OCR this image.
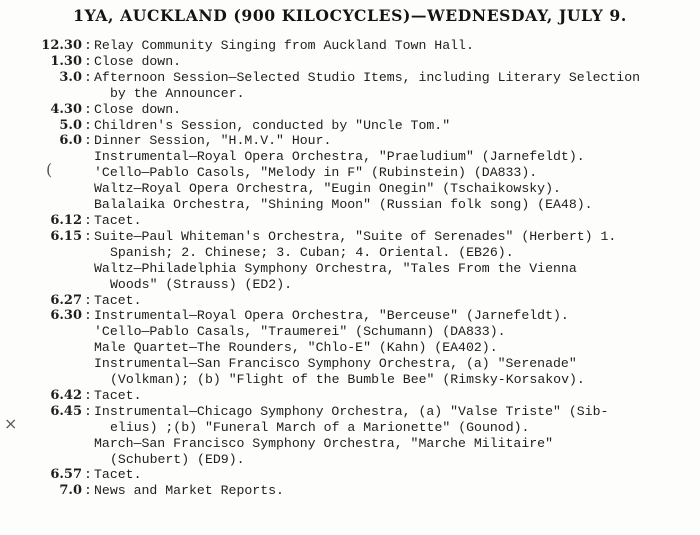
1YA, AUCKLAND (900 KILOCYCLES)—WEDNESDAY, JULY 9.
12.30 : Relay Community Singing from Auckland Town Hall.
1.30 : Close down.
3.0 : Afternoon Session—Selected Studio Items, including Literary Selection
by the Announcer.
4.30 : Close down.
5.0 : Children's Session, conducted by "Uncle Tom."
6.0 : Dinner Session, "H.M.V." Hour.
Instrumental—Royal Opera Orchestra, "Praeludium" (Jarnefeldt).
'Cello—Pablo Casols, "Melody in F" (Rubinstein) (DA833).
Waltz—Royal Opera Orchestra, "Eugin Onegin" (Tschaikowsky).
Balalaika Orchestra, "Shining Moon" (Russian folk song) (EA48).
6.12 : Tacet.
6.15 : Suite—Paul Whiteman's Orchestra, "Suite of Serenades" (Herbert) 1.
Spanish; 2. Chinese; 3. Cuban; 4. Oriental. (EB26).
Waltz—Philadelphia Symphony Orchestra, "Tales From the Vienna
Woods" (Strauss) (ED2).
6.27 : Tacet.
6.30 : Instrumental—Royal Opera Orchestra, "Berceuse" (Jarnefeldt).
'Cello—Pablo Casals, "Traumerei" (Schumann) (DA833).
Male Quartet—The Rounders, "Chlo-E" (Kahn) (EA402).
Instrumental—San Francisco Symphony Orchestra, (a) "Serenade"
(Volkman); (b) "Flight of the Bumble Bee" (Rimsky-Korsakov).
6.42 : Tacet.
6.45 : Instrumental—Chicago Symphony Orchestra, (a) "Valse Triste" (Sib-
elius) ;(b) "Funeral March of a Marionette" (Gounod).
March—San Francisco Symphony Orchestra, "Marche Militaire"
(Schubert) (ED9).
6.57 : Tacet.
7.0 : News and Market Reports.
(
⨯
